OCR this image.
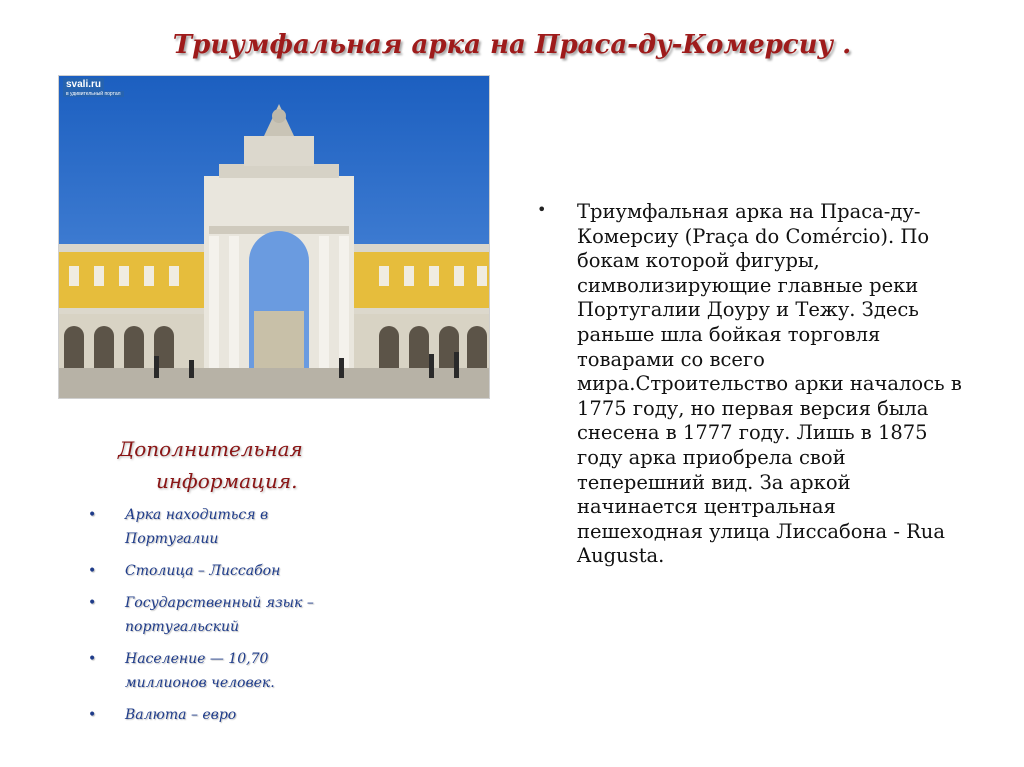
Триумфальная арка на Праса-ду-Комерсиу .
svali.ru
в удивительный портал
Дополнительная
информация.
• Арка находиться в
Португалии
• Столица – Лиссабон
• Государственный язык –
португальский
• Население — 10,70
миллионов человек.
• Валюта – евро
• Триумфальная арка на Праса-ду-
Комерсиу (Praça do Comércio). По
бокам которой фигуры,
символизирующие главные реки
Португалии Доуру и Тежу. Здесь
раньше шла бойкая торговля
товарами со всего
мира.Строительство арки началось в
1775 году, но первая версия была
снесена в 1777 году. Лишь в 1875
году арка приобрела свой
теперешний вид. За аркой
начинается центральная
пешеходная улица Лиссабона - Rua
Augusta.
